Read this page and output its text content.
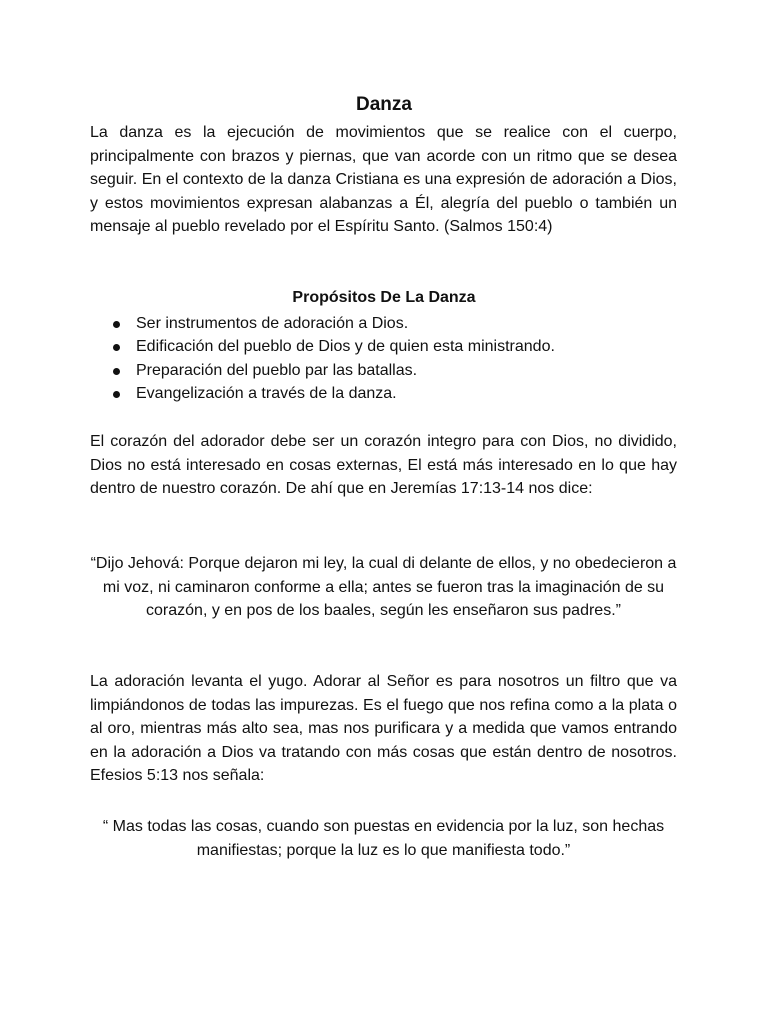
Danza

La danza es la ejecución de movimientos que se realice con el cuerpo, principalmente con brazos y piernas, que van acorde con un ritmo que se desea seguir. En el contexto de la danza Cristiana es una expresión de adoración a Dios, y estos movimientos expresan alabanzas a Él, alegría del pueblo o también un mensaje al pueblo revelado por el Espíritu Santo. (Salmos 150:4)

Propósitos De La Danza
Ser instrumentos de adoración a Dios.
Edificación del pueblo de Dios y de quien esta ministrando.
Preparación del pueblo par las batallas.
Evangelización a través de la danza.

El corazón del adorador debe ser un corazón integro para con Dios, no dividido, Dios no está interesado en cosas externas, El está más interesado en lo que hay dentro de nuestro corazón. De ahí que en Jeremías 17:13-14 nos dice:

“Dijo Jehová: Porque dejaron mi ley, la cual di delante de ellos, y no obedecieron a mi voz, ni caminaron conforme a ella; antes se fueron tras la imaginación de su corazón, y en pos de los baales, según les enseñaron sus padres.”

La adoración levanta el yugo. Adorar al Señor es para nosotros un filtro que va limpiándonos de todas las impurezas. Es el fuego que nos refina como a la plata o al oro, mientras más alto sea, mas nos purificara y a medida que vamos entrando en la adoración a Dios va tratando con más cosas que están dentro de nosotros. Efesios 5:13 nos señala:

“ Mas todas las cosas, cuando son puestas en evidencia por la luz, son hechas manifiestas; porque la luz es lo que manifiesta todo.”
